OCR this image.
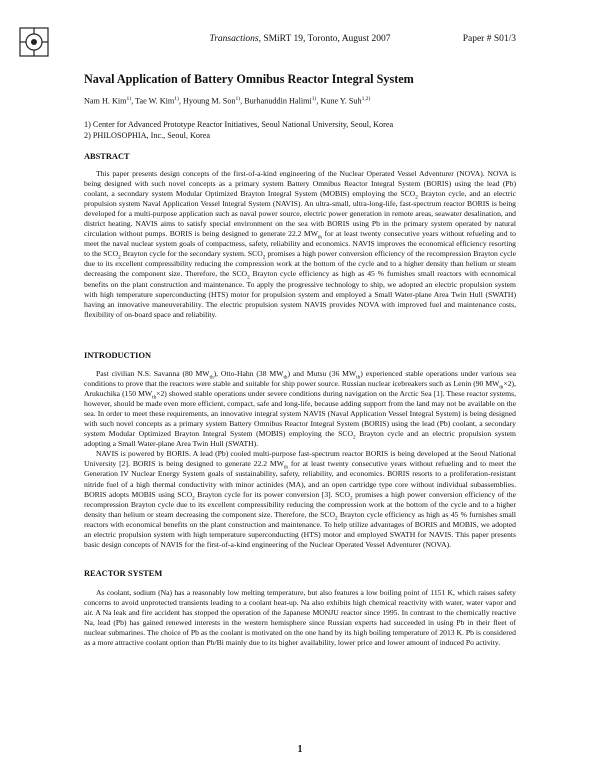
Transactions, SMiRT 19, Toronto, August 2007	Paper # S01/3
Naval Application of Battery Omnibus Reactor Integral System
Nam H. Kim$^{1)}$, Tae W. Kim$^{1)}$, Hyoung M. Son$^{1)}$, Burhanuddin Halimi$^{1)}$, Kune Y. Suh$^{1,2)}$
1) Center for Advanced Prototype Reactor Initiatives, Seoul National University, Seoul, Korea
2) PHILOSOPHIA, Inc., Seoul, Korea
ABSTRACT

This paper presents design concepts of the first-of-a-kind engineering of the Nuclear Operated Vessel Adventurer (NOVA). NOVA is being designed with such novel concepts as a primary system Battery Omnibus Reactor Integral System (BORIS) using the lead (Pb) coolant, a secondary system Modular Optimized Brayton Integral System (MOBIS) employing the $SCO_2$ Brayton cycle, and an electric propulsion system Naval Application Vessel Integral System (NAVIS). An ultra-small, ultra-long-life, fast-spectrum reactor BORIS is being developed for a multi-purpose application such as naval power source, electric power generation in remote areas, seawater desalination, and district heating. NAVIS aims to satisfy special environment on the sea with BORIS using Pb in the primary system operated by natural circulation without pumps. BORIS is being designed to generate 22.2 $MW_{th}$ for at least twenty consecutive years without refueling and to meet the naval nuclear system goals of compactness, safety, reliability and economics. NAVIS improves the economical efficiency resorting to the $SCO_2$ Brayton cycle for the secondary system. $SCO_2$ promises a high power conversion efficiency of the recompression Brayton cycle due to its excellent compressibility reducing the compression work at the bottom of the cycle and to a higher density than helium or steam decreasing the component size. Therefore, the $SCO_2$ Brayton cycle efficiency as high as 45 % furnishes small reactors with economical benefits on the plant construction and maintenance. To apply the progressive technology to ship, we adopted an electric propulsion system with high temperature superconducting (HTS) motor for propulsion system and employed a Small Water-plane Area Twin Hull (SWATH) having an innovative maneuverability. The electric propulsion system NAVIS provides NOVA with improved fuel and maintenance costs, flexibility of on-board space and reliability.

INTRODUCTION

Past civilian N.S. Savanna (80 $MW_{th}$), Otto-Hahn (38 $MW_{th}$) and Mutsu (36 $MW_{th}$) experienced stable operations under various sea conditions to prove that the reactors were stable and suitable for ship power source. Russian nuclear icebreakers such as Lenin (90 $MW_{th}\times 2$), Arukuchika (150 $MW_{th}\times 2$) showed stable operations under severe conditions during navigation on the Arctic Sea [1]. These reactor systems, however, should be made even more efficient, compact, safe and long-life, because adding support from the land may not be available on the sea. In order to meet these requirements, an innovative integral system NAVIS (Naval Application Vessel Integral System) is being designed with such novel concepts as a primary system Battery Omnibus Reactor Integral System (BORIS) using the lead (Pb) coolant, a secondary system Modular Optimized Brayton Integral System (MOBIS) employing the $SCO_2$ Brayton cycle and an electric propulsion system adopting a Small Water-plane Area Twin Hull (SWATH).

NAVIS is powered by BORIS. A lead (Pb) cooled multi-purpose fast-spectrum reactor BORIS is being developed at the Seoul National University [2]. BORIS is being designed to generate 22.2 $MW_{th}$ for at least twenty consecutive years without refueling and to meet the Generation IV Nuclear Energy System goals of sustainability, safety, reliability, and economics. BORIS resorts to a proliferation-resistant nitride fuel of a high thermal conductivity with minor actinides (MA), and an open cartridge type core without individual subassemblies. BORIS adopts MOBIS using $SCO_2$ Brayton cycle for its power conversion [3]. $SCO_2$ promises a high power conversion efficiency of the recompression Brayton cycle due to its excellent compressibility reducing the compression work at the bottom of the cycle and to a higher density than helium or steam decreasing the component size. Therefore, the $SCO_2$ Brayton cycle efficiency as high as 45 % furnishes small reactors with economical benefits on the plant construction and maintenance. To help utilize advantages of BORIS and MOBIS, we adopted an electric propulsion system with high temperature superconducting (HTS) motor and employed SWATH for NAVIS. This paper presents basic design concepts of NAVIS for the first-of-a-kind engineering of the Nuclear Operated Vessel Adventurer (NOVA).

REACTOR SYSTEM

As coolant, sodium (Na) has a reasonably low melting temperature, but also features a low boiling point of 1151 K, which raises safety concerns to avoid unprotected transients leading to a coolant heat-up. Na also exhibits high chemical reactivity with water, water vapor and air. A Na leak and fire accident has stopped the operation of the Japanese MONJU reactor since 1995. In contrast to the chemically reactive Na, lead (Pb) has gained renewed interests in the western hemisphere since Russian experts had succeeded in using Pb in their fleet of nuclear submarines. The choice of Pb as the coolant is motivated on the one hand by its high boiling temperature of 2013 K. Pb is considered as a more attractive coolant option than Pb/Bi mainly due to its higher availability, lower price and lower amount of induced Po activity.

1
